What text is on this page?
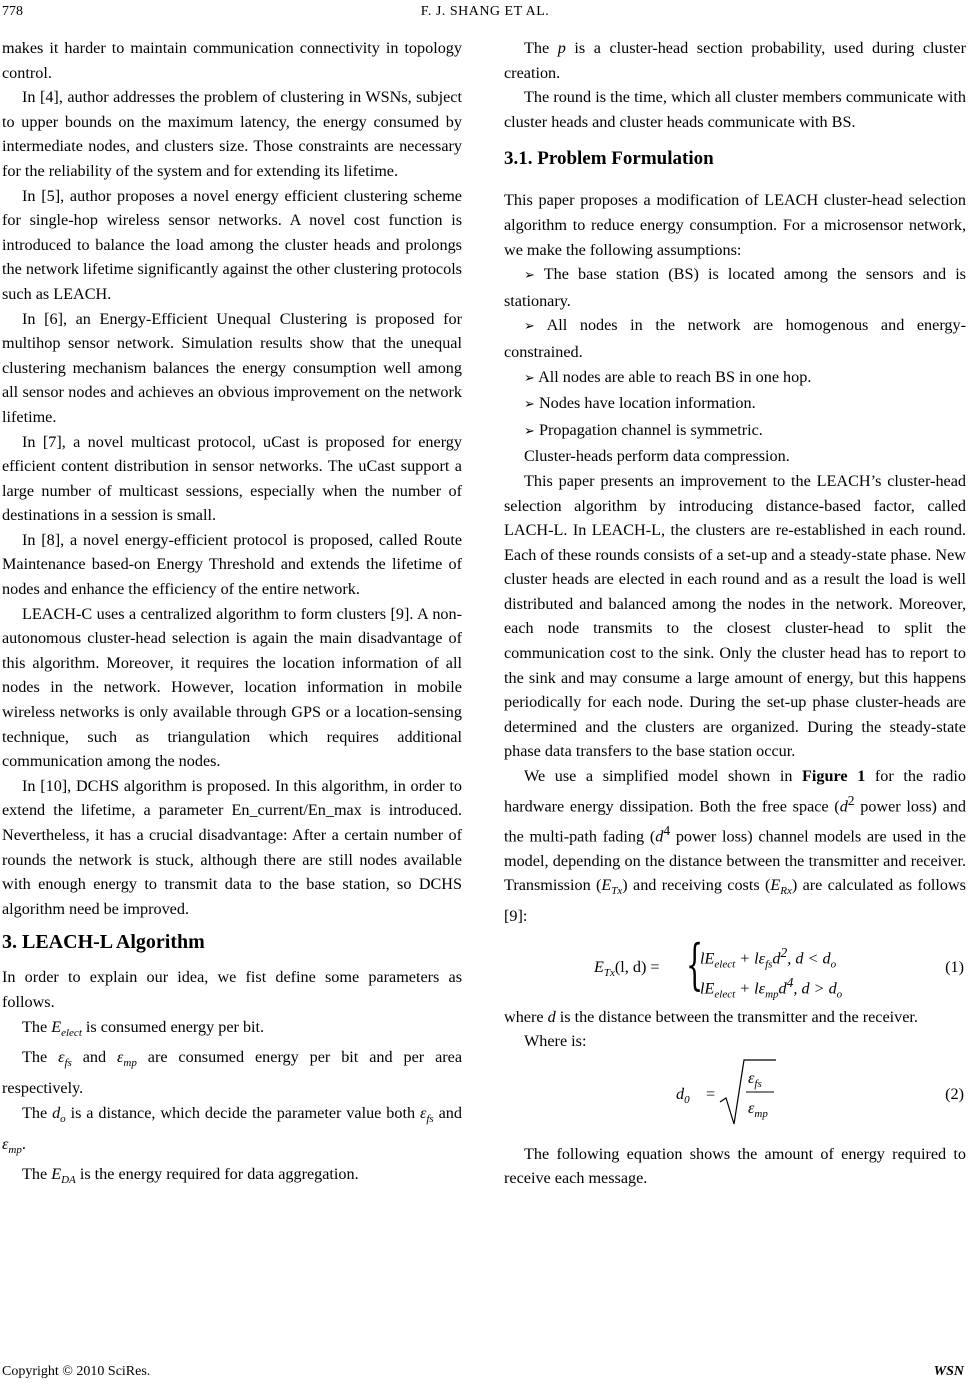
778	F. J. SHANG ET AL.

makes it harder to maintain communication connectivity in topology control.

In [4], author addresses the problem of clustering in WSNs, subject to upper bounds on the maximum latency, the energy consumed by intermediate nodes, and clusters size. Those constraints are necessary for the reliability of the system and for extending its lifetime.

In [5], author proposes a novel energy efficient clustering scheme for single-hop wireless sensor networks. A novel cost function is introduced to balance the load among the cluster heads and prolongs the network lifetime significantly against the other clustering protocols such as LEACH.

In [6], an Energy-Efficient Unequal Clustering is proposed for multihop sensor network. Simulation results show that the unequal clustering mechanism balances the energy consumption well among all sensor nodes and achieves an obvious improvement on the network lifetime.

In [7], a novel multicast protocol, uCast is proposed for energy efficient content distribution in sensor networks. The uCast support a large number of multicast sessions, especially when the number of destinations in a session is small.

In [8], a novel energy-efficient protocol is proposed, called Route Maintenance based-on Energy Threshold and extends the lifetime of nodes and enhance the efficiency of the entire network.

LEACH-C uses a centralized algorithm to form clusters [9]. A non-autonomous cluster-head selection is again the main disadvantage of this algorithm. Moreover, it requires the location information of all nodes in the network. However, location information in mobile wireless networks is only available through GPS or a location-sensing technique, such as triangulation which requires additional communication among the nodes.

In [10], DCHS algorithm is proposed. In this algorithm, in order to extend the lifetime, a parameter En_current/En_max is introduced. Nevertheless, it has a crucial disadvantage: After a certain number of rounds the network is stuck, although there are still nodes available with enough energy to transmit data to the base station, so DCHS algorithm need be improved.

3. LEACH-L Algorithm

In order to explain our idea, we fist define some parameters as follows.

The $E_{elect}$ is consumed energy per bit.

The $\varepsilon_{fs}$ and $\varepsilon_{mp}$ are consumed energy per bit and per area respectively.

The $d_o$ is a distance, which decide the parameter value both $\varepsilon_{fs}$ and $\varepsilon_{mp}$.

The $E_{DA}$ is the energy required for data aggregation.

The p is a cluster-head section probability, used during cluster creation.

The round is the time, which all cluster members communicate with cluster heads and cluster heads communicate with BS.

3.1. Problem Formulation

This paper proposes a modification of LEACH cluster-head selection algorithm to reduce energy consumption. For a microsensor network, we make the following assumptions:

➢ The base station (BS) is located among the sensors and is stationary.

➢ All nodes in the network are homogenous and energy-constrained.

➢ All nodes are able to reach BS in one hop.

➢ Nodes have location information.

➢ Propagation channel is symmetric.

Cluster-heads perform data compression.

This paper presents an improvement to the LEACH’s cluster-head selection algorithm by introducing distance-based factor, called LACH-L. In LEACH-L, the clusters are re-established in each round. Each of these rounds consists of a set-up and a steady-state phase. New cluster heads are elected in each round and as a result the load is well distributed and balanced among the nodes in the network. Moreover, each node transmits to the closest cluster-head to split the communication cost to the sink. Only the cluster head has to report to the sink and may consume a large amount of energy, but this happens periodically for each node. During the set-up phase cluster-heads are determined and the clusters are organized. During the steady-state phase data transfers to the base station occur.

We use a simplified model shown in Figure 1 for the radio hardware energy dissipation. Both the free space ($d^2$ power loss) and the multi-path fading ($d^4$ power loss) channel models are used in the model, depending on the distance between the transmitter and receiver. Transmission $(E_{Tx})$ and receiving costs $(E_{Rx})$ are calculated as follows [9]:

$E_{Tx}(l$, d) = {
$lE_{elect} + l\varepsilon_{fs}d^2$, $d < d_o$
$lE_{elect} + l\varepsilon_{mp}d^4$, $d > d_o$
(1)

where d is the distance between the transmitter and the receiver.

Where is:

$d_0$ =
$\varepsilon_{fs}$
$\varepsilon_{mp}$
(2)

The following equation shows the amount of energy required to receive each message.

Copyright © 2010 SciRes.	WSN
